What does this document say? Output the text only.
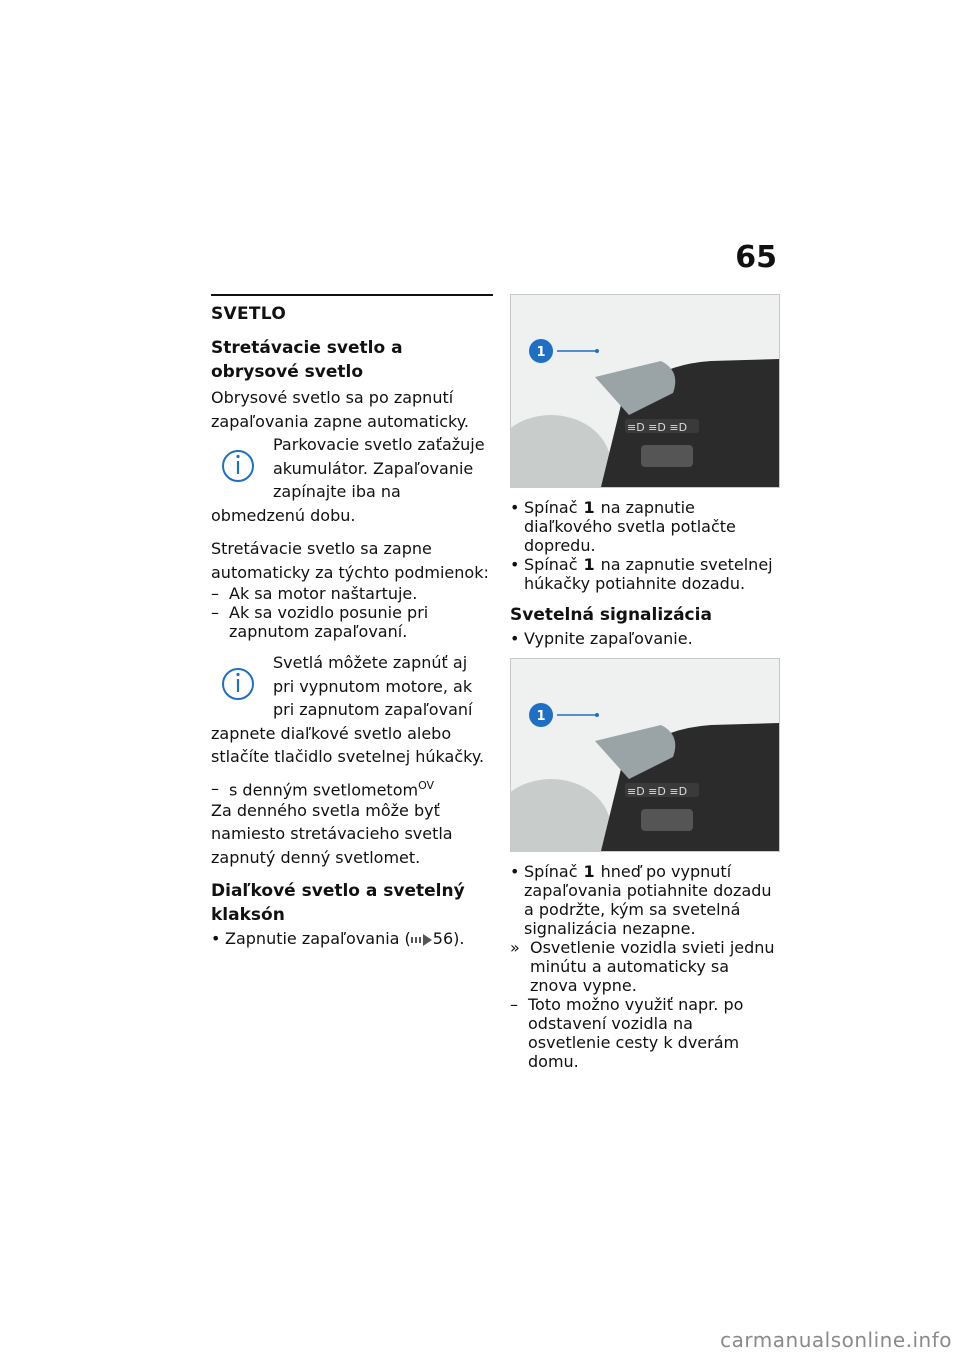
65
SVETLO
Stretávacie svetlo a obrysové svetlo

Obrysové svetlo sa po zapnutí zapaľovania zapne automaticky.

Parkovacie svetlo zaťažuje akumulátor. Zapaľovanie zapínajte iba na obmedzenú dobu.

Stretávacie svetlo sa zapne automaticky za týchto podmienok:

– Ak sa motor naštartuje.
– Ak sa vozidlo posunie pri zapnutom zapaľovaní.

Svetlá môžete zapnúť aj pri vypnutom motore, ak pri zapnutom zapaľovaní zapnete diaľkové svetlo alebo stlačíte tlačidlo svetelnej húkačky.

– s denným svetlometom$^{OV}$

Za denného svetla môže byť namiesto stretávacieho svetla zapnutý denný svetlomet.

Diaľkové svetlo a svetelný klaksón
• Zapnutie zapaľovania ( 56).
≡D ≡D ≡D
1
• Spínač 1 na zapnutie diaľkového svetla potlačte dopredu.
• Spínač 1 na zapnutie svetelnej húkačky potiahnite dozadu.
Svetelná signalizácia
• Vypnite zapaľovanie.
≡D ≡D ≡D
1
• Spínač 1 hneď po vypnutí zapaľovania potiahnite dozadu a podržte, kým sa svetelná signalizácia nezapne.
» Osvetlenie vozidla svieti jednu minútu a automaticky sa znova vypne.
– Toto možno využiť napr. po odstavení vozidla na osvetlenie cesty k dverám domu.
carmanualsonline.info
